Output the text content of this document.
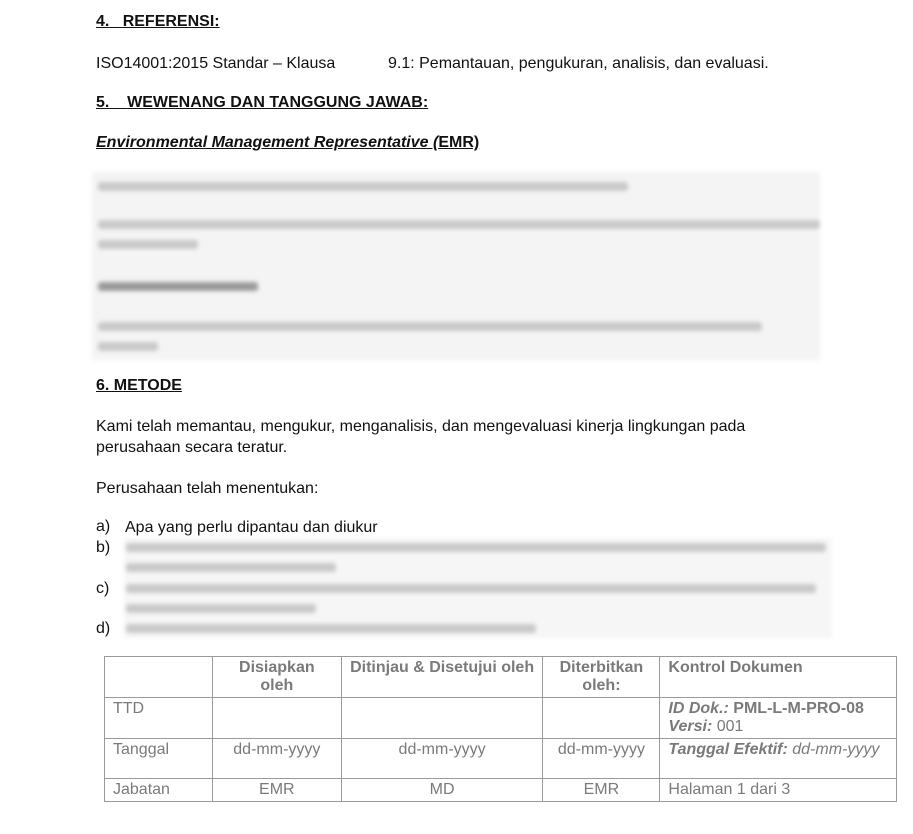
4. REFERENSI:
ISO14001:2015 Standar – Klausa	9.1: Pemantauan, pengukuran, analisis, dan evaluasi.
5. WEWENANG DAN TANGGUNG JAWAB:
Environmental Management Representative (EMR)
6. METODE
Kami telah memantau, mengukur, menganalisis, dan mengevaluasi kinerja lingkungan pada perusahaan secara teratur.
Perusahaan telah menentukan:
a) Apa yang perlu dipantau dan diukur
b)
c)
d)
	Disiapkan oleh	Ditinjau & Disetujui oleh	Diterbitkan oleh:	Kontrol Dokumen
TTD				ID Dok.: PML-L-M-PRO-08
Versi: 001
Tanggal	dd-mm-yyyy	dd-mm-yyyy	dd-mm-yyyy	Tanggal Efektif: dd-mm-yyyy
Jabatan	EMR	MD	EMR	Halaman 1 dari 3
